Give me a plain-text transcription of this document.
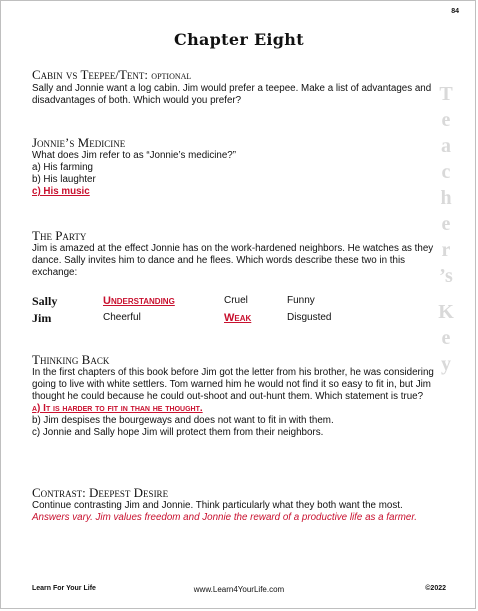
84
Chapter Eight
T
e
a
c
h
e
r
’s
K
e
y
Cabin vs Teepee/Tent: optional

Sally and Jonnie want a log cabin. Jim would prefer a teepee. Make a list of advantages and disadvantages of both. Which would you prefer?

Jonnie’s Medicine

What does Jim refer to as “Jonnie’s medicine?”

a) His farming

b) His laughter

c) His music

The Party

Jim is amazed at the effect Jonnie has on the work-hardened neighbors. He watches as they dance. Sally invites him to dance and he flees. Which words describe these two in this exchange:

Sally	Understanding	Cruel	Funny
Jim	Cheerful	Weak	Disgusted
Thinking Back

In the first chapters of this book before Jim got the letter from his brother, he was considering going to live with white settlers. Tom warned him he would not find it so easy to fit in, but Jim thought he could because he could out-shoot and out-hunt them. Which statement is true?

a) It is harder to fit in than he thought.

b) Jim despises the bourgeways and does not want to fit in with them.

c) Jonnie and Sally hope Jim will protect them from their neighbors.

Contrast: Deepest Desire

Continue contrasting Jim and Jonnie. Think particularly what they both want the most.

Answers vary. Jim values freedom and Jonnie the reward of a productive life as a farmer.

Learn For Your Life	www.Learn4YourLife.com	©2022
